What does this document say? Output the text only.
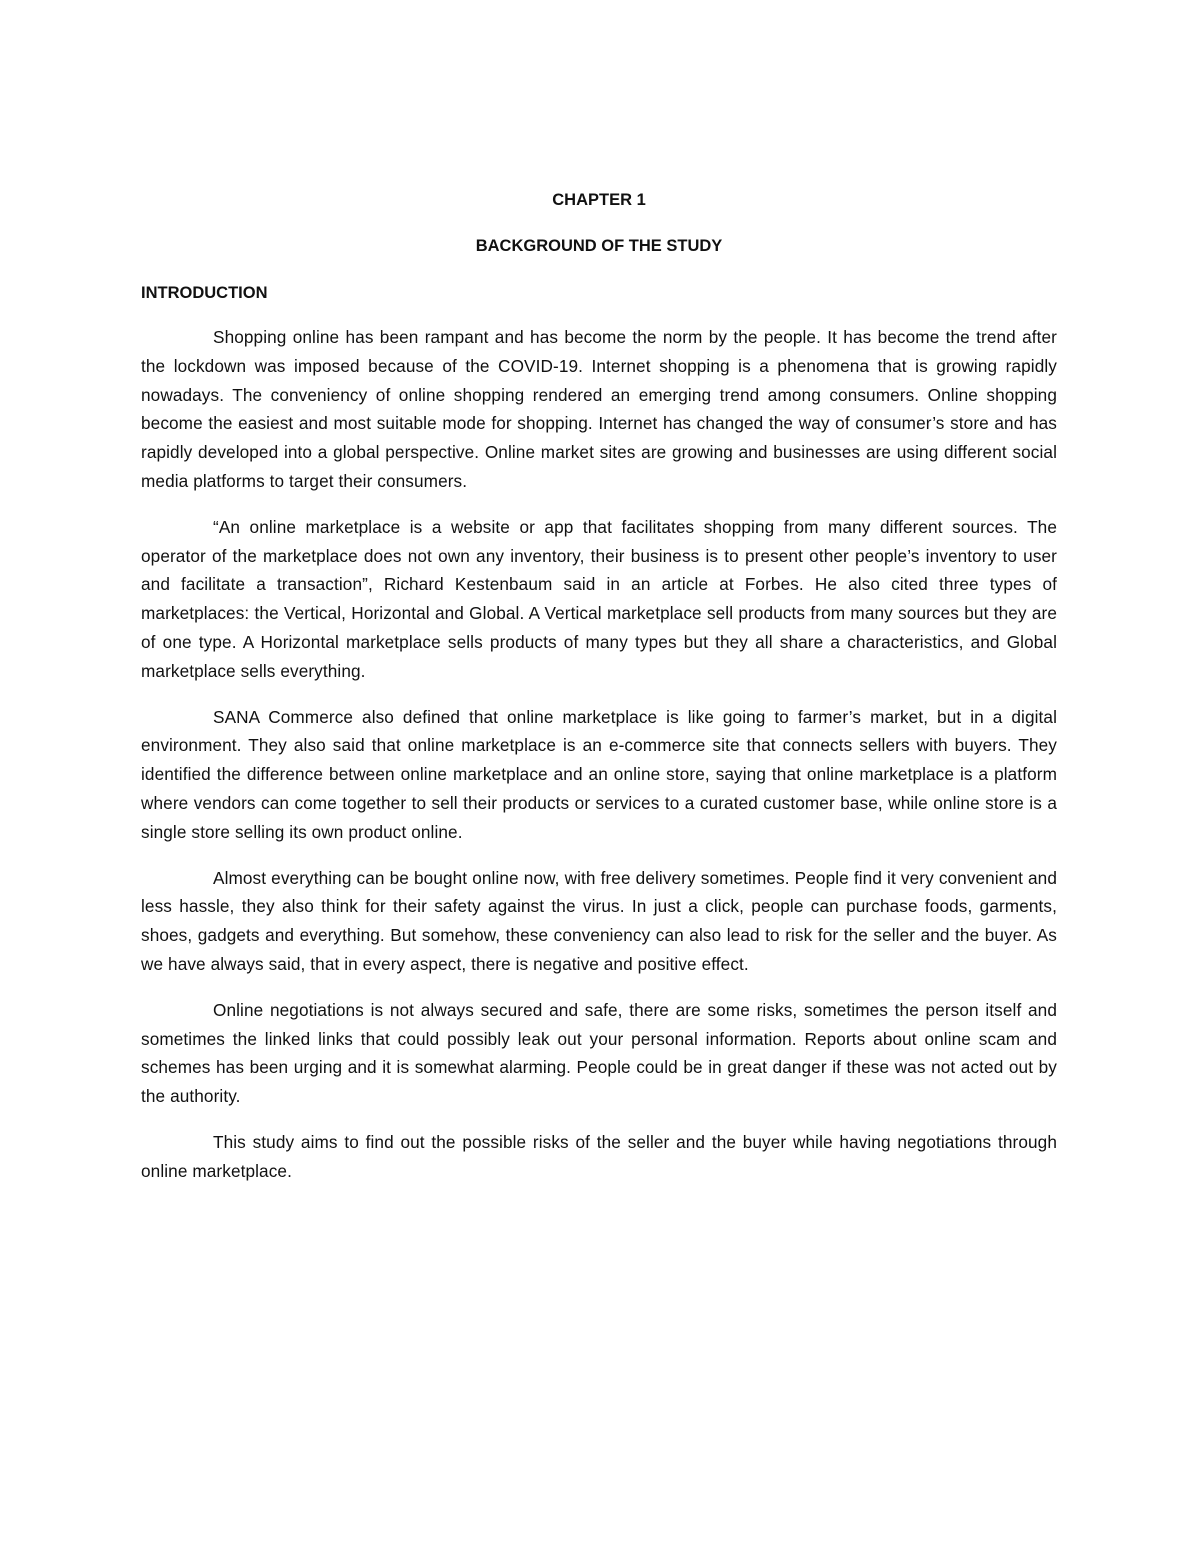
CHAPTER 1

BACKGROUND OF THE STUDY

INTRODUCTION

Shopping online has been rampant and has become the norm by the people. It has become the trend after the lockdown was imposed because of the COVID-19. Internet shopping is a phenomena that is growing rapidly nowadays. The conveniency of online shopping rendered an emerging trend among consumers. Online shopping become the easiest and most suitable mode for shopping. Internet has changed the way of consumer’s store and has rapidly developed into a global perspective. Online market sites are growing and businesses are using different social media platforms to target their consumers.

“An online marketplace is a website or app that facilitates shopping from many different sources. The operator of the marketplace does not own any inventory, their business is to present other people’s inventory to user and facilitate a transaction”, Richard Kestenbaum said in an article at Forbes. He also cited three types of marketplaces: the Vertical, Horizontal and Global. A Vertical marketplace sell products from many sources but they are of one type. A Horizontal marketplace sells products of many types but they all share a characteristics, and Global marketplace sells everything.

SANA Commerce also defined that online marketplace is like going to farmer’s market, but in a digital environment. They also said that online marketplace is an e-commerce site that connects sellers with buyers. They identified the difference between online marketplace and an online store, saying that online marketplace is a platform where vendors can come together to sell their products or services to a curated customer base, while online store is a single store selling its own product online.

Almost everything can be bought online now, with free delivery sometimes. People find it very convenient and less hassle, they also think for their safety against the virus. In just a click, people can purchase foods, garments, shoes, gadgets and everything. But somehow, these conveniency can also lead to risk for the seller and the buyer. As we have always said, that in every aspect, there is negative and positive effect.

Online negotiations is not always secured and safe, there are some risks, sometimes the person itself and sometimes the linked links that could possibly leak out your personal information. Reports about online scam and schemes has been urging and it is somewhat alarming. People could be in great danger if these was not acted out by the authority.

This study aims to find out the possible risks of the seller and the buyer while having negotiations through online marketplace.
